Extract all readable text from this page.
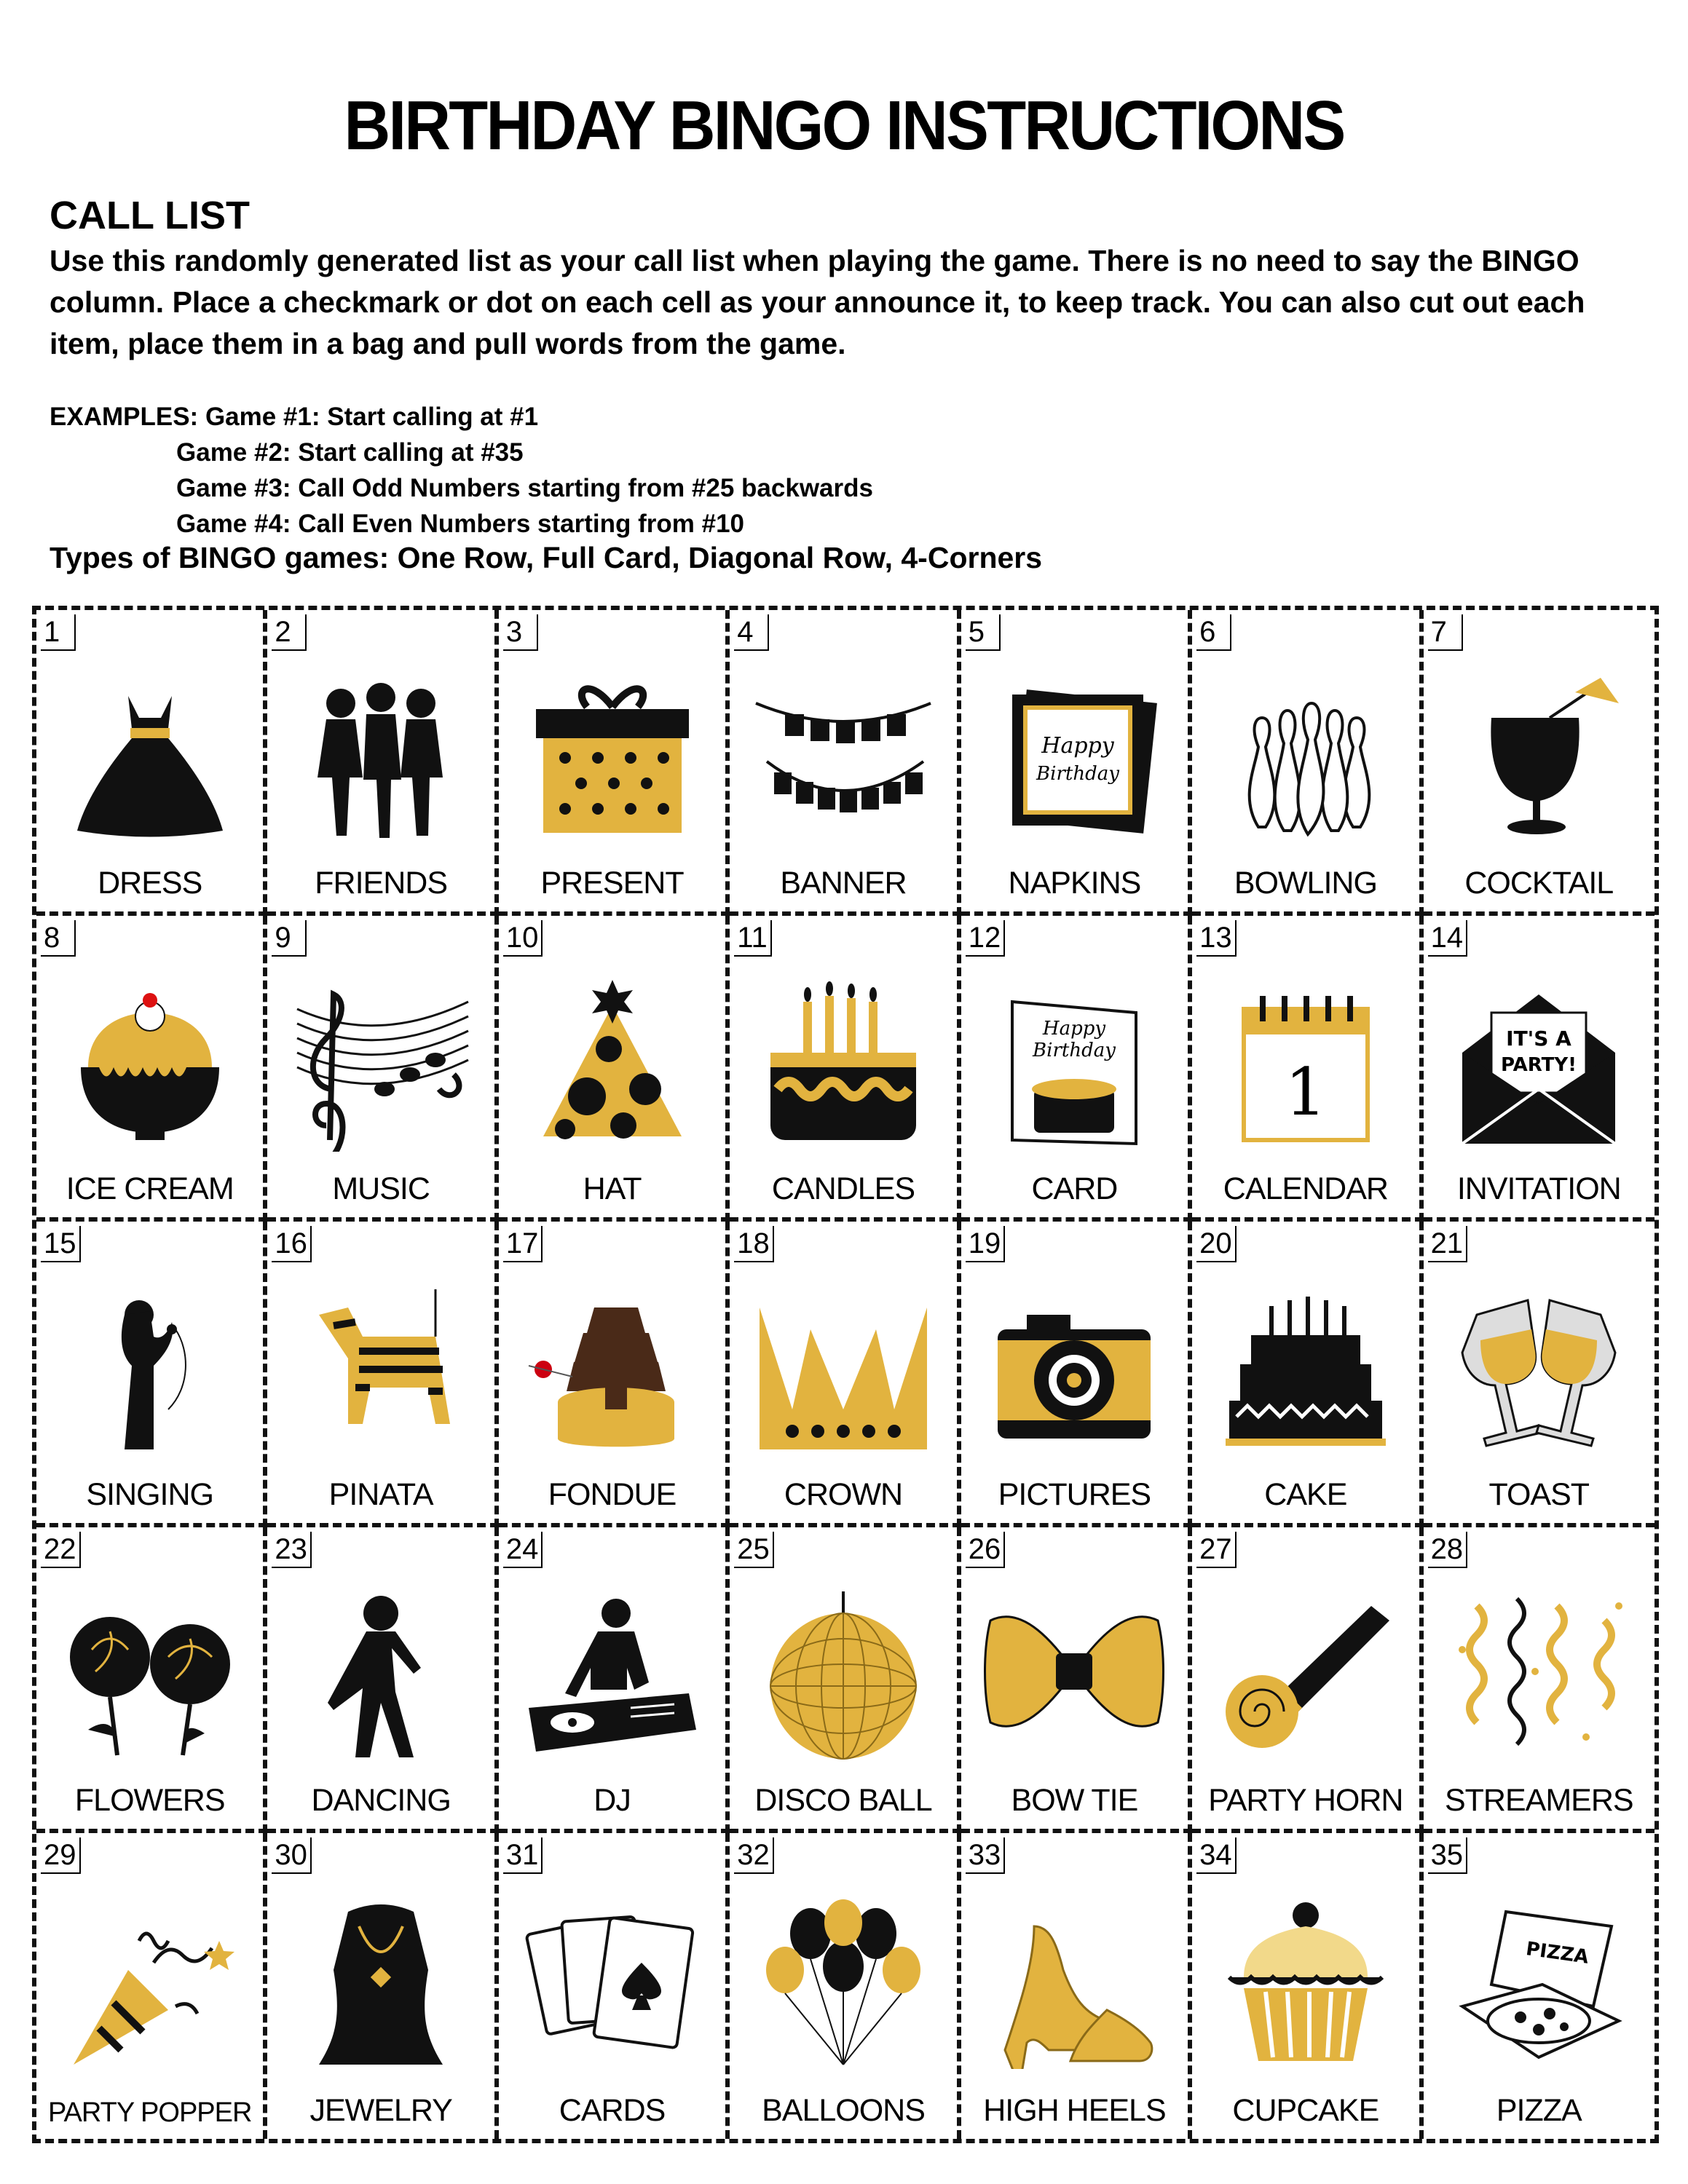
BIRTHDAY BINGO INSTRUCTIONS
CALL LIST
Use this randomly generated list as your call list when playing the game. There is no need to say the BINGO column. Place a checkmark or dot on each cell as your announce it, to keep track. You can also cut out each item, place them in a bag and pull words from the game.
EXAMPLES: Game #1: Start calling at #1
Game #2: Start calling at #35
Game #3: Call Odd Numbers starting from #25 backwards
Game #4: Call Even Numbers starting from #10
Types of BINGO games: One Row, Full Card, Diagonal Row, 4-Corners
1
DRESS
2
FRIENDS
3
PRESENT
4
BANNER
5
Happy
Birthday
NAPKINS
6
BOWLING
7
COCKTAIL
8
ICE CREAM
9
MUSIC
10
HAT
11
CANDLES
12
Happy
Birthday
CARD
13
1
CALENDAR
14
IT'S A
PARTY!
INVITATION
15
SINGING
16
PINATA
17
FONDUE
18
CROWN
19
PICTURES
20
CAKE
21
TOAST
22
FLOWERS
23
DANCING
24
DJ
25
DISCO BALL
26
BOW TIE
27
PARTY HORN
28
STREAMERS
29
PARTY POPPER
30
JEWELRY
31
CARDS
32
BALLOONS
33
HIGH HEELS
34
CUPCAKE
35
PIZZA
PIZZA
